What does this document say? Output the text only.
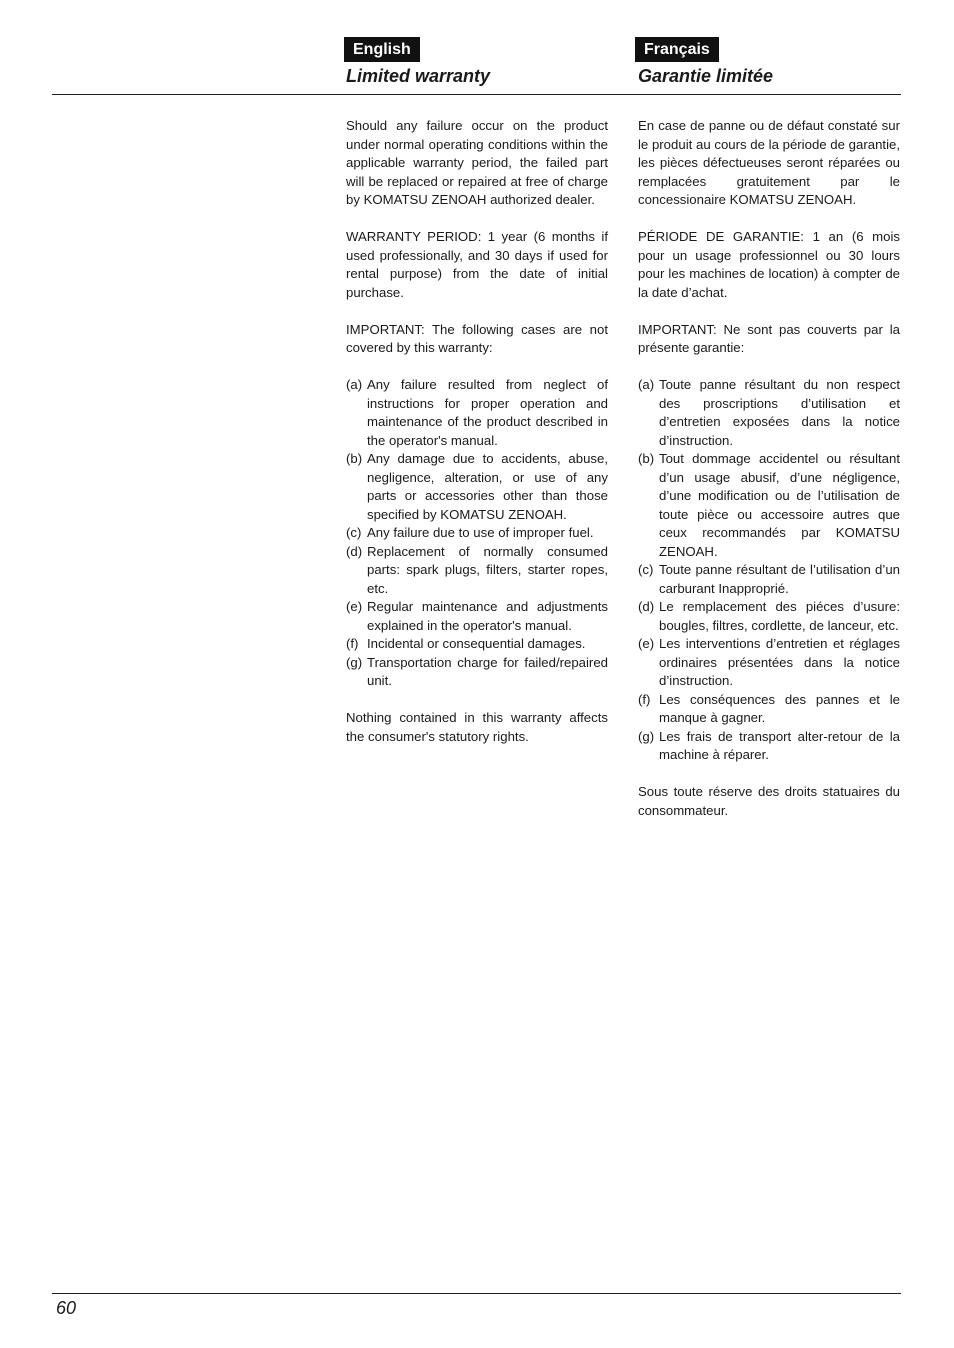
English	Français
Limited warranty	Garantie limitée

Should any failure occur on the product under normal operating conditions within the applicable warranty period, the failed part will be replaced or repaired at free of charge by KOMATSU ZENOAH authorized dealer.

WARRANTY PERIOD: 1 year (6 months if used professionally, and 30 days if used for rental purpose) from the date of initial purchase.

IMPORTANT: The following cases are not covered by this warranty:

(a) Any failure resulted from neglect of instructions for proper operation and maintenance of the product described in the operator's manual.
(b) Any damage due to accidents, abuse, negligence, alteration, or use of any parts or accessories other than those specified by KOMATSU ZENOAH.
(c) Any failure due to use of improper fuel.
(d) Replacement of normally consumed parts: spark plugs, filters, starter ropes, etc.
(e) Regular maintenance and adjustments explained in the operator's manual.
(f) Incidental or consequential damages.
(g) Transportation charge for failed/repaired unit.

Nothing contained in this warranty affects the consumer's statutory rights.

En case de panne ou de défaut constaté sur le produit au cours de la période de garantie, les pièces défectueuses seront réparées ou remplacées gratuitement par le concessionaire KOMATSU ZENOAH.

PÉRIODE DE GARANTIE: 1 an (6 mois pour un usage professionnel ou 30 lours pour les machines de location) à compter de la date d’achat.

IMPORTANT: Ne sont pas couverts par la présente garantie:

(a) Toute panne résultant du non respect des proscriptions d’utilisation et d’entretien exposées dans la notice d’instruction.
(b) Tout dommage accidentel ou résultant d’un usage abusif, d’une négligence, d’une modification ou de l’utilisation de toute pièce ou accessoire autres que ceux recommandés par KOMATSU ZENOAH.
(c) Toute panne résultant de l’utilisation d’un carburant Inapproprié.
(d) Le remplacement des piéces d’usure: bougles, filtres, cordlette, de lanceur, etc.
(e) Les interventions d’entretien et réglages ordinaires présentées dans la notice d’instruction.
(f) Les conséquences des pannes et le manque à gagner.
(g) Les frais de transport alter-retour de la machine à réparer.

Sous toute réserve des droits statuaires du consommateur.

60
